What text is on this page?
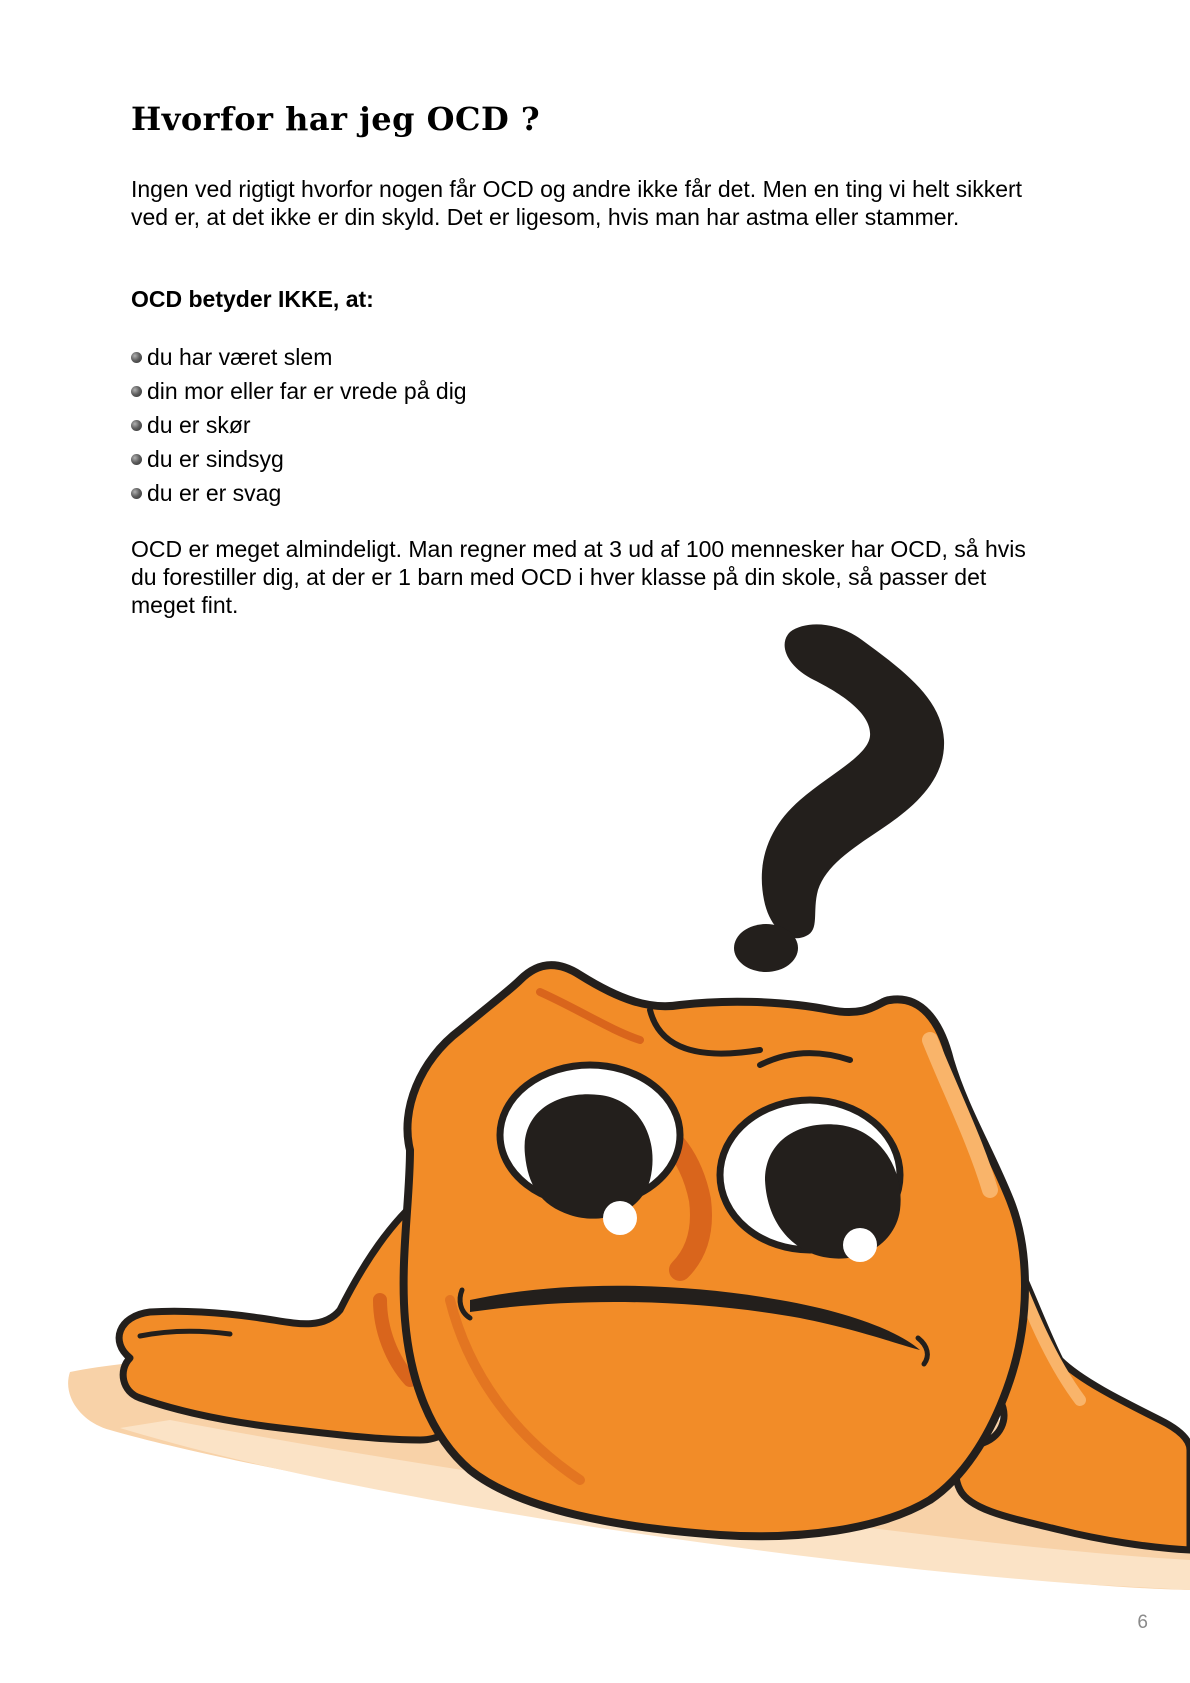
Hvorfor har jeg OCD ?

Ingen ved rigtigt hvorfor nogen får OCD og andre ikke får det. Men en ting vi helt sikkert ved er, at det ikke er din skyld. Det er ligesom, hvis man har astma eller stammer.

OCD betyder IKKE, at:

du har været slem
din mor eller far er vrede på dig
du er skør
du er sindsyg
du er er svag

OCD er meget almindeligt. Man regner med at 3 ud af 100 mennesker har OCD, så hvis du forestiller dig, at der er 1 barn med OCD i hver klasse på din skole, så passer det meget fint.

6
